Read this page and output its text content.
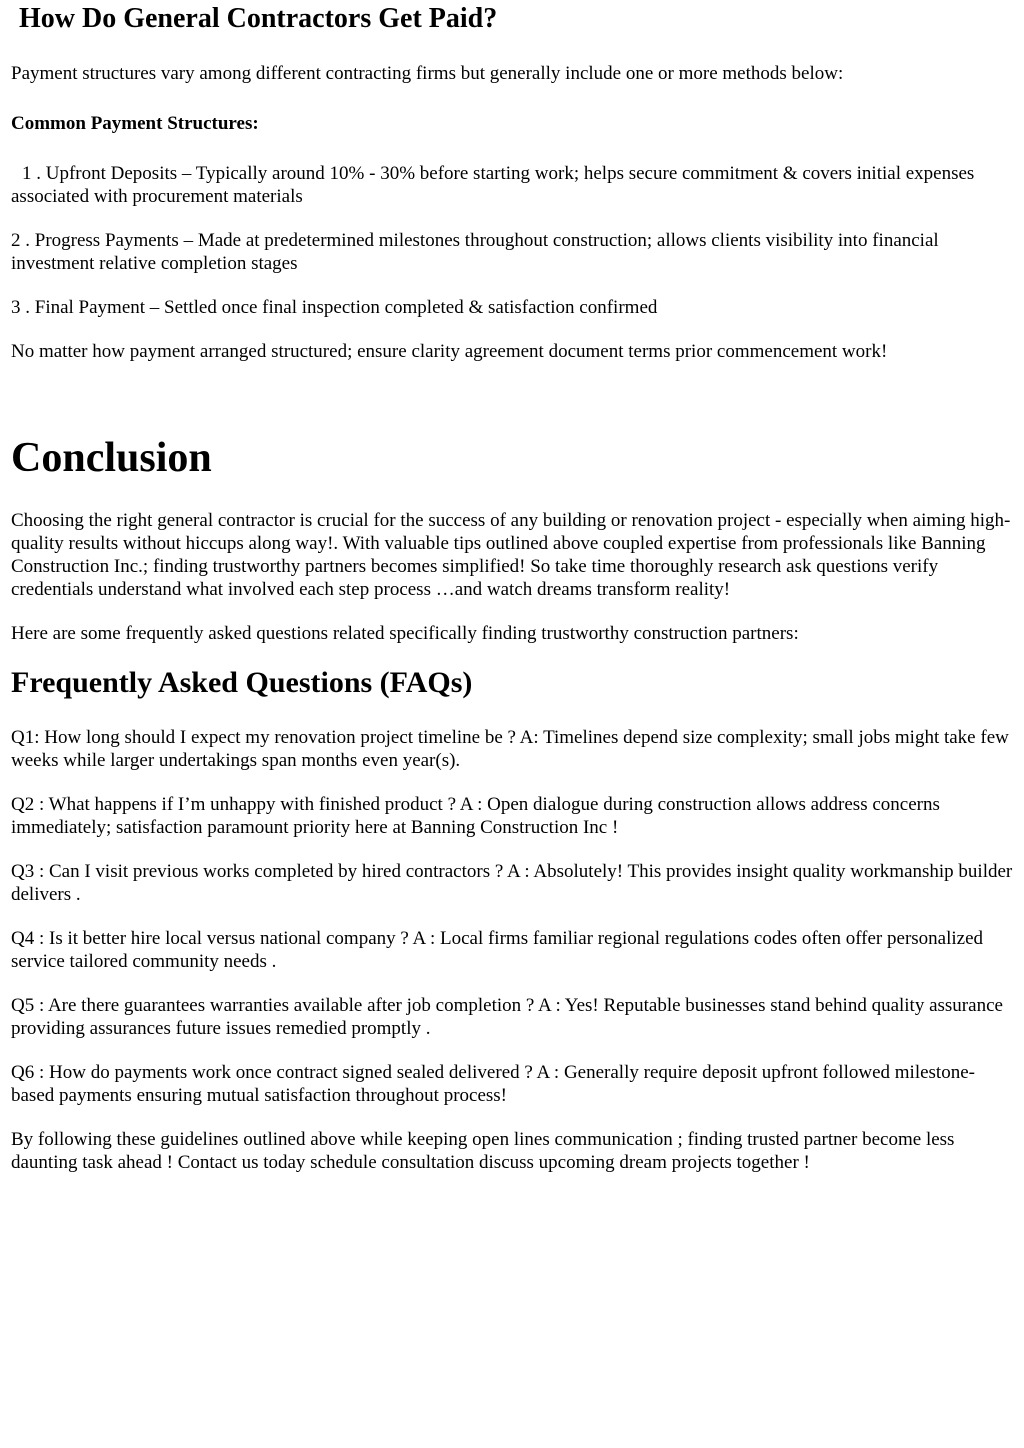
How Do General Contractors Get Paid?

Payment structures vary among different contracting firms but generally include one or more methods below:

Common Payment Structures:

1 . Upfront Deposits – Typically around 10% - 30% before starting work; helps secure commitment & covers initial expenses associated with procurement materials

2 . Progress Payments – Made at predetermined milestones throughout construction; allows clients visibility into financial investment relative completion stages

3 . Final Payment – Settled once final inspection completed & satisfaction confirmed

No matter how payment arranged structured; ensure clarity agreement document terms prior commencement work!

Conclusion

Choosing the right general contractor is crucial for the success of any building or renovation project - especially when aiming high-quality results without hiccups along way!. With valuable tips outlined above coupled expertise from professionals like Banning Construction Inc.; finding trustworthy partners becomes simplified! So take time thoroughly research ask questions verify credentials understand what involved each step process …and watch dreams transform reality!

Here are some frequently asked questions related specifically finding trustworthy construction partners:

Frequently Asked Questions (FAQs)

Q1: How long should I expect my renovation project timeline be ? A: Timelines depend size complexity; small jobs might take few weeks while larger undertakings span months even year(s).

Q2 : What happens if I’m unhappy with finished product ? A : Open dialogue during construction allows address concerns immediately; satisfaction paramount priority here at Banning Construction Inc !

Q3 : Can I visit previous works completed by hired contractors ? A : Absolutely! This provides insight quality workmanship builder delivers .

Q4 : Is it better hire local versus national company ? A : Local firms familiar regional regulations codes often offer personalized service tailored community needs .

Q5 : Are there guarantees warranties available after job completion ? A : Yes! Reputable businesses stand behind quality assurance providing assurances future issues remedied promptly .

Q6 : How do payments work once contract signed sealed delivered ? A : Generally require deposit upfront followed milestone-based payments ensuring mutual satisfaction throughout process!

By following these guidelines outlined above while keeping open lines communication ; finding trusted partner become less daunting task ahead ! Contact us today schedule consultation discuss upcoming dream projects together !
